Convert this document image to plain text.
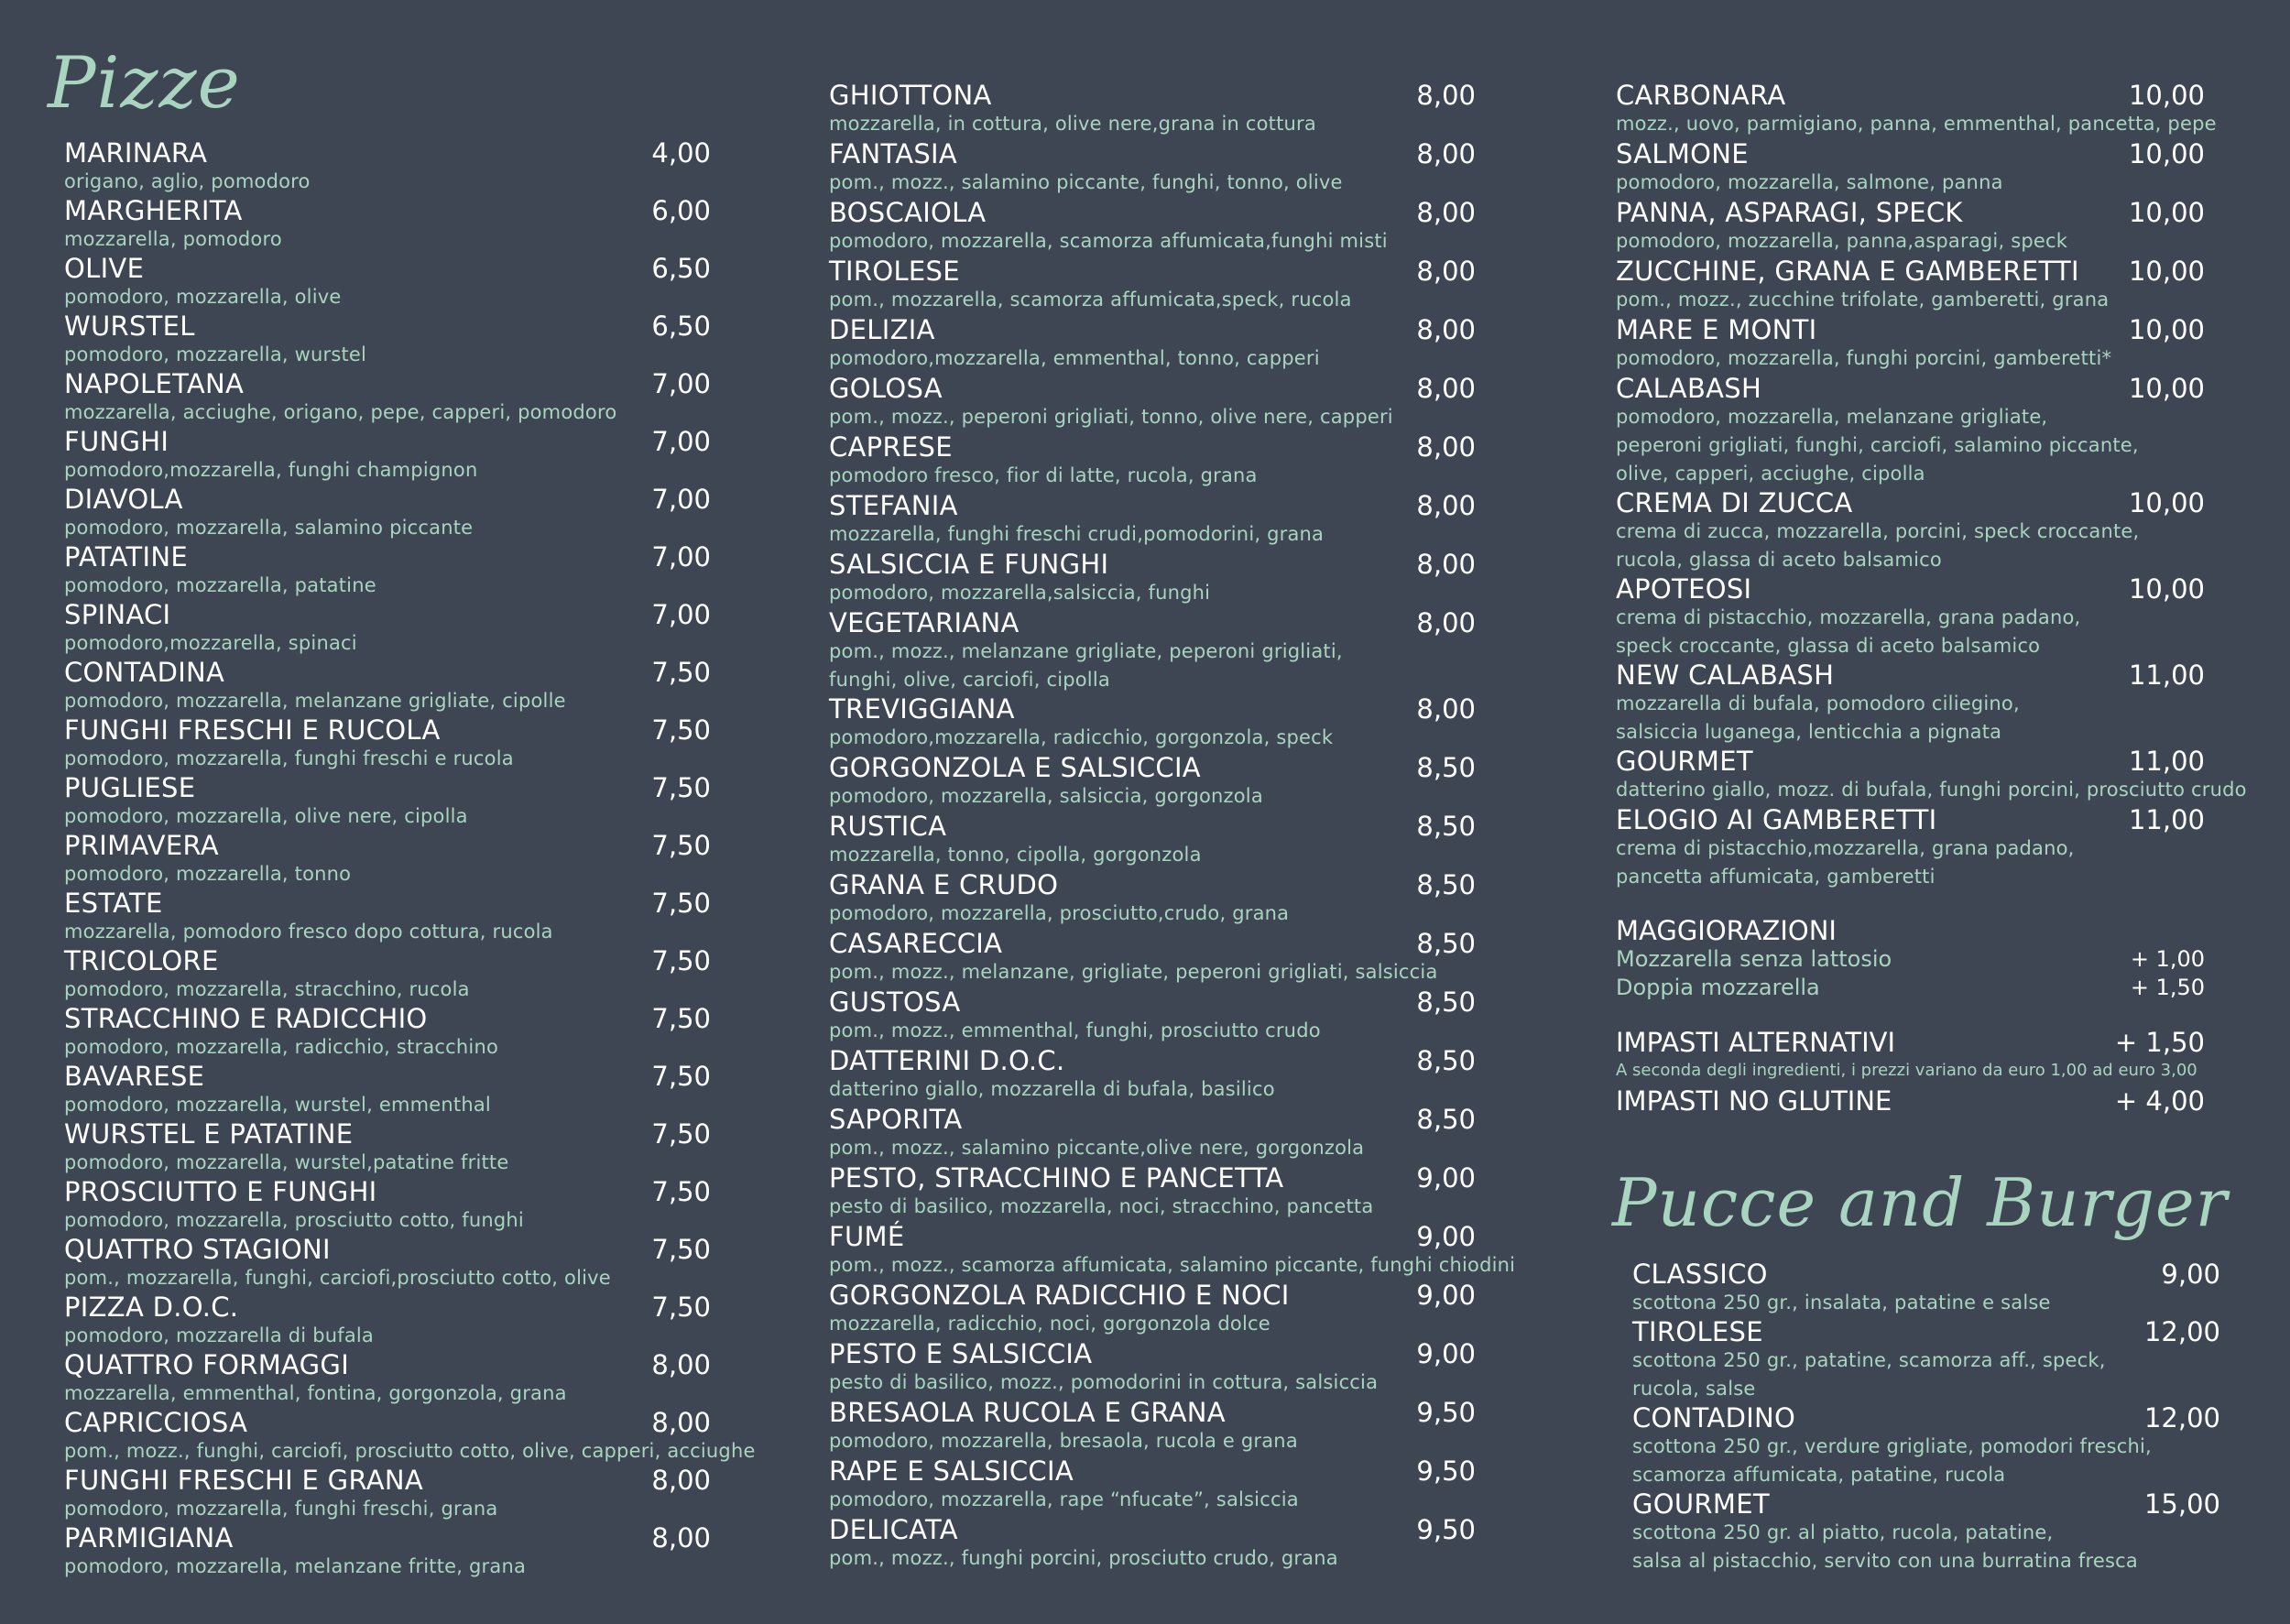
Pizze
MARINARA	4,00
origano, aglio, pomodoro
MARGHERITA	6,00
mozzarella, pomodoro
OLIVE	6,50
pomodoro, mozzarella, olive
WURSTEL	6,50
pomodoro, mozzarella, wurstel
NAPOLETANA	7,00
mozzarella, acciughe, origano, pepe, capperi, pomodoro
FUNGHI	7,00
pomodoro,mozzarella, funghi champignon
DIAVOLA	7,00
pomodoro, mozzarella, salamino piccante
PATATINE	7,00
pomodoro, mozzarella, patatine
SPINACI	7,00
pomodoro,mozzarella, spinaci
CONTADINA	7,50
pomodoro, mozzarella, melanzane grigliate, cipolle
FUNGHI FRESCHI E RUCOLA	7,50
pomodoro, mozzarella, funghi freschi e rucola
PUGLIESE	7,50
pomodoro, mozzarella, olive nere, cipolla
PRIMAVERA	7,50
pomodoro, mozzarella, tonno
ESTATE	7,50
mozzarella, pomodoro fresco dopo cottura, rucola
TRICOLORE	7,50
pomodoro, mozzarella, stracchino, rucola
STRACCHINO E RADICCHIO	7,50
pomodoro, mozzarella, radicchio, stracchino
BAVARESE	7,50
pomodoro, mozzarella, wurstel, emmenthal
WURSTEL E PATATINE	7,50
pomodoro, mozzarella, wurstel,patatine fritte
PROSCIUTTO E FUNGHI	7,50
pomodoro, mozzarella, prosciutto cotto, funghi
QUATTRO STAGIONI	7,50
pom., mozzarella, funghi, carciofi,prosciutto cotto, olive
PIZZA D.O.C.	7,50
pomodoro, mozzarella di bufala
QUATTRO FORMAGGI	8,00
mozzarella, emmenthal, fontina, gorgonzola, grana
CAPRICCIOSA	8,00
pom., mozz., funghi, carciofi, prosciutto cotto, olive, capperi, acciughe
FUNGHI FRESCHI E GRANA	8,00
pomodoro, mozzarella, funghi freschi, grana
PARMIGIANA	8,00
pomodoro, mozzarella, melanzane fritte, grana
GHIOTTONA	8,00
mozzarella, in cottura, olive nere,grana in cottura
FANTASIA	8,00
pom., mozz., salamino piccante, funghi, tonno, olive
BOSCAIOLA	8,00
pomodoro, mozzarella, scamorza affumicata,funghi misti
TIROLESE	8,00
pom., mozzarella, scamorza affumicata,speck, rucola
DELIZIA	8,00
pomodoro,mozzarella, emmenthal, tonno, capperi
GOLOSA	8,00
pom., mozz., peperoni grigliati, tonno, olive nere, capperi
CAPRESE	8,00
pomodoro fresco, fior di latte, rucola, grana
STEFANIA	8,00
mozzarella, funghi freschi crudi,pomodorini, grana
SALSICCIA E FUNGHI	8,00
pomodoro, mozzarella,salsiccia, funghi
VEGETARIANA	8,00
pom., mozz., melanzane grigliate, peperoni grigliati,
funghi, olive, carciofi, cipolla
TREVIGGIANA	8,00
pomodoro,mozzarella, radicchio, gorgonzola, speck
GORGONZOLA E SALSICCIA	8,50
pomodoro, mozzarella, salsiccia, gorgonzola
RUSTICA	8,50
mozzarella, tonno, cipolla, gorgonzola
GRANA E CRUDO	8,50
pomodoro, mozzarella, prosciutto,crudo, grana
CASARECCIA	8,50
pom., mozz., melanzane, grigliate, peperoni grigliati, salsiccia
GUSTOSA	8,50
pom., mozz., emmenthal, funghi, prosciutto crudo
DATTERINI D.O.C.	8,50
datterino giallo, mozzarella di bufala, basilico
SAPORITA	8,50
pom., mozz., salamino piccante,olive nere, gorgonzola
PESTO, STRACCHINO E PANCETTA	9,00
pesto di basilico, mozzarella, noci, stracchino, pancetta
FUMÉ	9,00
pom., mozz., scamorza affumicata, salamino piccante, funghi chiodini
GORGONZOLA RADICCHIO E NOCI	9,00
mozzarella, radicchio, noci, gorgonzola dolce
PESTO E SALSICCIA	9,00
pesto di basilico, mozz., pomodorini in cottura, salsiccia
BRESAOLA RUCOLA E GRANA	9,50
pomodoro, mozzarella, bresaola, rucola e grana
RAPE E SALSICCIA	9,50
pomodoro, mozzarella, rape “nfucate”, salsiccia
DELICATA	9,50
pom., mozz., funghi porcini, prosciutto crudo, grana
CARBONARA	10,00
mozz., uovo, parmigiano, panna, emmenthal, pancetta, pepe
SALMONE	10,00
pomodoro, mozzarella, salmone, panna
PANNA, ASPARAGI, SPECK	10,00
pomodoro, mozzarella, panna,asparagi, speck
ZUCCHINE, GRANA E GAMBERETTI 10,00
pom., mozz., zucchine trifolate, gamberetti, grana
MARE E MONTI	10,00
pomodoro, mozzarella, funghi porcini, gamberetti*
CALABASH	10,00
pomodoro, mozzarella, melanzane grigliate,
peperoni grigliati, funghi, carciofi, salamino piccante,
olive, capperi, acciughe, cipolla
CREMA DI ZUCCA	10,00
crema di zucca, mozzarella, porcini, speck croccante,
rucola, glassa di aceto balsamico
APOTEOSI	10,00
crema di pistacchio, mozzarella, grana padano,
speck croccante, glassa di aceto balsamico
NEW CALABASH	11,00
mozzarella di bufala, pomodoro ciliegino,
salsiccia luganega, lenticchia a pignata
GOURMET	11,00
datterino giallo, mozz. di bufala, funghi porcini, prosciutto crudo
ELOGIO AI GAMBERETTI	11,00
crema di pistacchio,mozzarella, grana padano,
pancetta affumicata, gamberetti
MAGGIORAZIONI
Mozzarella senza lattosio	+ 1,00
Doppia mozzarella	+ 1,50
IMPASTI ALTERNATIVI	+ 1,50
A seconda degli ingredienti, i prezzi variano da euro 1,00 ad euro 3,00
IMPASTI NO GLUTINE	+ 4,00
Pucce and Burger
CLASSICO	9,00
scottona 250 gr., insalata, patatine e salse
TIROLESE	12,00
scottona 250 gr., patatine, scamorza aff., speck,
rucola, salse
CONTADINO	12,00
scottona 250 gr., verdure grigliate, pomodori freschi,
scamorza affumicata, patatine, rucola
GOURMET	15,00
scottona 250 gr. al piatto, rucola, patatine,
salsa al pistacchio, servito con una burratina fresca
